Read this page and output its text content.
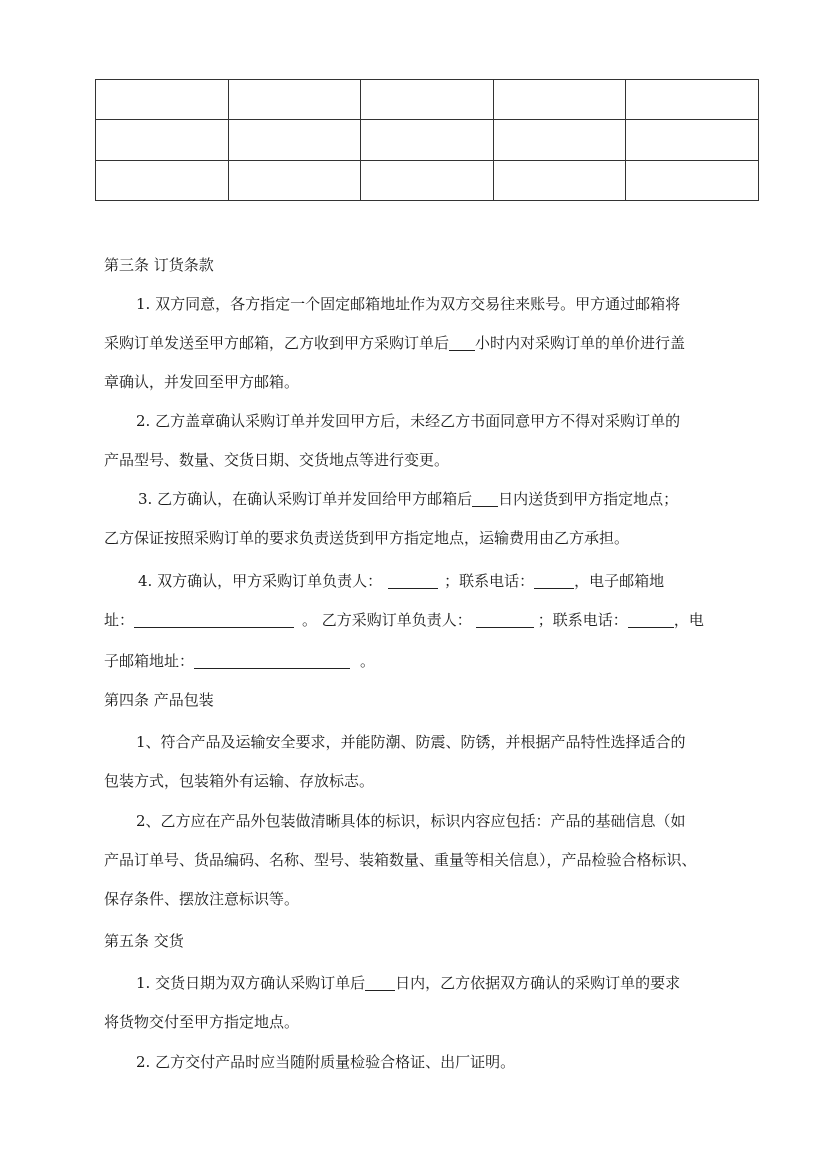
第三条 订货条款
1. 双方同意，各方指定一个固定邮箱地址作为双方交易往来账号。甲方通过邮箱将
采购订单发送至甲方邮箱，乙方收到甲方采购订单后 小时内对采购订单的单价进行盖
章确认，并发回至甲方邮箱。
2. 乙方盖章确认采购订单并发回甲方后，未经乙方书面同意甲方不得对采购订单的
产品型号、数量、交货日期、交货地点等进行变更。
3. 乙方确认，在确认采购订单并发回给甲方邮箱后 日内送货到甲方指定地点；
乙方保证按照采购订单的要求负责送货到甲方指定地点，运输费用由乙方承担。
4. 双方确认，甲方采购订单负责人：	；联系电话：	，电子邮箱地
址：	。 乙方采购订单负责人：	；联系电话：	，电
子邮箱地址：	。
第四条 产品包装
1、符合产品及运输安全要求，并能防潮、防震、防锈，并根据产品特性选择适合的
包装方式，包装箱外有运输、存放标志。
2、乙方应在产品外包装做清晰具体的标识，标识内容应包括：产品的基础信息（如
产品订单号、货品编码、名称、型号、装箱数量、重量等相关信息），产品检验合格标识、
保存条件、摆放注意标识等。
第五条 交货
1. 交货日期为双方确认采购订单后 日内，乙方依据双方确认的采购订单的要求
将货物交付至甲方指定地点。
2. 乙方交付产品时应当随附质量检验合格证、出厂证明。
